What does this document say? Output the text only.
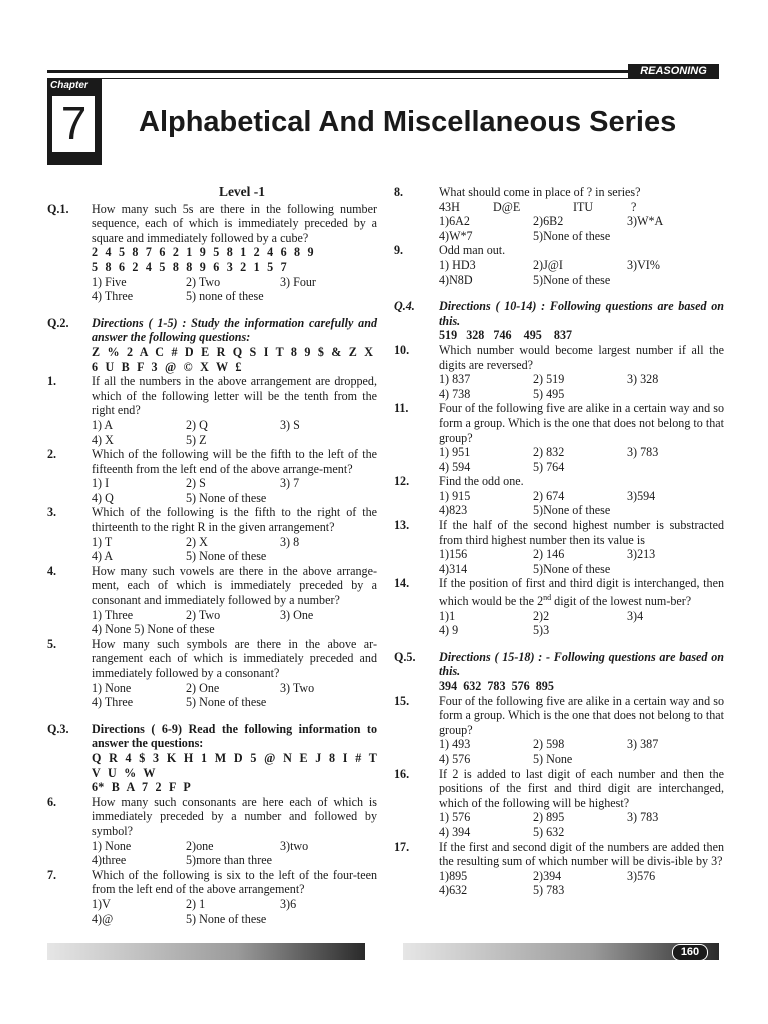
REASONING
Chapter
7	Alphabetical And Miscellaneous Series
Level -1
Q.1.	How many such 5s are there in the following number sequence, each of which is immediately preceded by a square and immediately followed by a cube?
2 4 5 8 7 6 2 1 9 5 8 1 2 4 6 8 9
5 8 6 2 4 5 8 8 9 6 3 2 1 5 7
1) Five	2) Two	3) Four
4) Three	5) none of these
Q.2.	Directions ( 1-5) : Study the information carefully and answer the following questions:
Z % 2 A C # D E R Q S I T 8 9 $ & Z X
6 U B F 3 @ © X W £
1.	If all the numbers in the above arrangement are dropped, which of the following letter will be the tenth from the right end?
1) A	2) Q	3) S
4) X	5) Z
2.	Which of the following will be the fifth to the left of the fifteenth from the left end of the above arrange-ment?
1) I	2) S	3) 7
4) Q	5) None of these
3.	Which of the following is the fifth to the right of the thirteenth to the right R in the given arrangement?
1) T	2) X	3) 8
4) A	5) None of these
4.	How many such vowels are there in the above arrange-ment, each of which is immediately preceded by a consonant and immediately followed by a number?
1) Three	2) Two	3) One
4) None 5) None of these
5.	How many such symbols are there in the above ar-rangement each of which is immediately preceded and immediately followed by a consonant?
1) None	2) One	3) Two
4) Three	5) None of these
Q.3.	Directions ( 6-9) Read the following information to answer the questions:
Q R 4 $ 3 K H 1 M D 5 @ N E J 8 I # T V U % W
6* B A 7 2 F P
6.	How many such consonants are here each of which is immediately preceded by a number and followed by symbol?
1) None	2)one	3)two
4)three	5)more than three
7.	Which of the following is six to the left of the four-teen from the left end of the above arrangement?
1)V	2) 1	3)6
4)@	5) None of these
8.	What should come in place of ? in series?
43H	D@E	ITU	?
1)6A2	2)6B2	3)W*A
4)W*7	5)None of these
9.	Odd man out.
1) HD3	2)J@I	3)VI%
4)N8D	5)None of these
Q.4.	Directions ( 10-14) : Following questions are based on this.
519   328   746    495    837
10.	Which number would become largest number if all the digits are reversed?
1) 837	2) 519	3) 328
4) 738	5) 495
11.	Four of the following five are alike in a certain way and so form a group. Which is the one that does not belong to that group?
1) 951	2) 832	3) 783
4) 594	5) 764
12.	Find the odd one.
1) 915	2) 674	3)594
4)823	5)None of these
13.	If the half of the second highest number is substracted from third highest number then its value is
1)156	2) 146	3)213
4)314	5)None of these
14.	If the position of first and third digit is interchanged, then which would be the 2nd digit of the lowest num-ber?
1)1	2)2	3)4
4) 9	5)3
Q.5.	Directions ( 15-18) : - Following questions are based on this.
394  632  783  576  895
15.	Four of the following five are alike in a certain way and so form a group. Which is the one that does not belong to that group?
1) 493	2) 598	3) 387
4) 576	5) None
16.	If 2 is added to last digit of each number and then the positions of the first and third digit are interchanged, which of the following will be highest?
1) 576	2) 895	3) 783
4) 394	5) 632
17.	If the first and second digit of the numbers are added then the resulting sum of which number will be divis-ible by 3?
1)895	2)394	3)576
4)632	5) 783
160
